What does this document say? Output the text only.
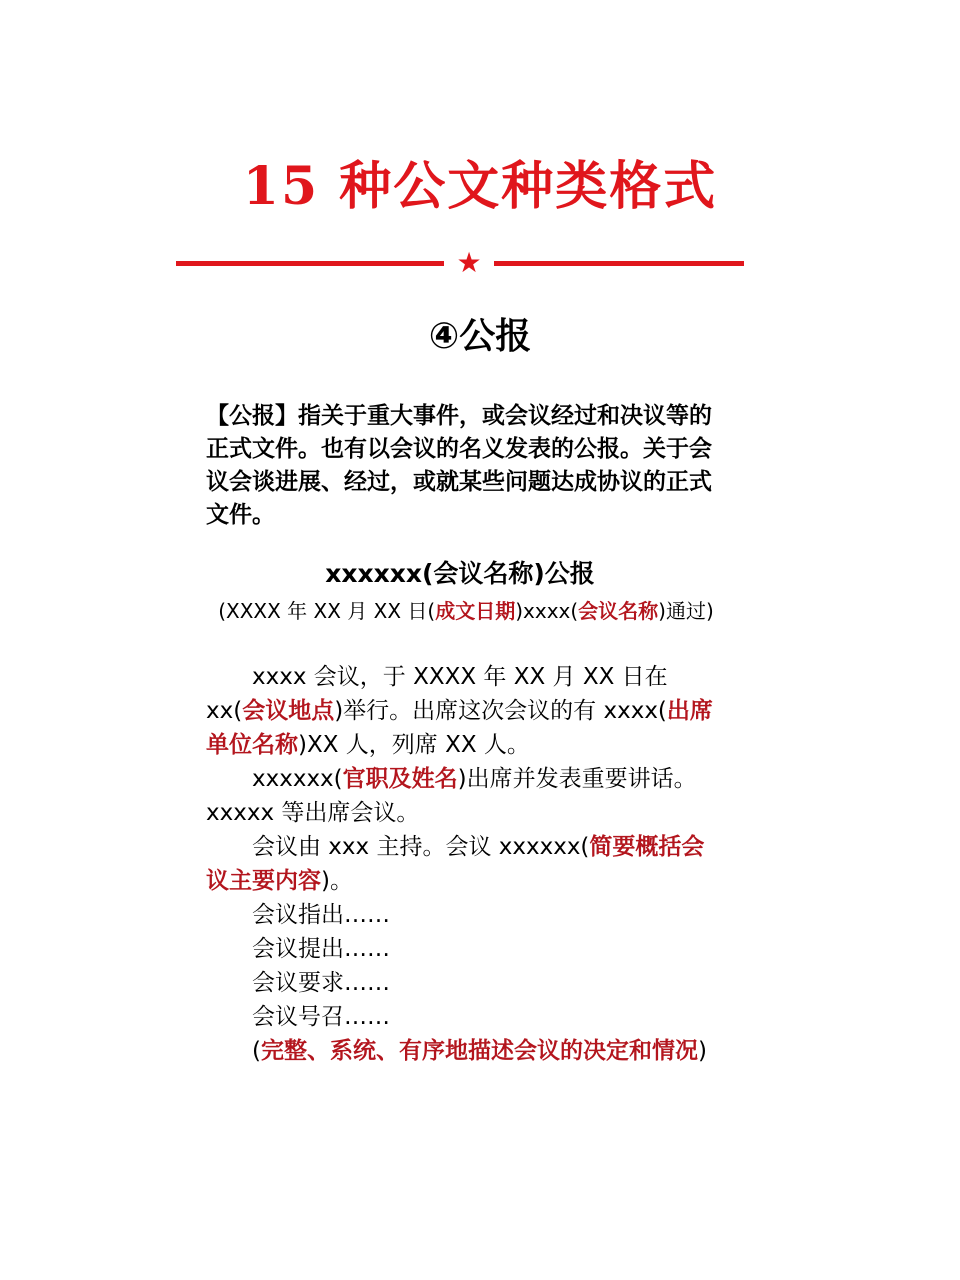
15 种公文种类格式
★
④公报
【公报】指关于重大事件，或会议经过和决议等的正式文件。也有以会议的名义发表的公报。关于会议会谈进展、经过，或就某些问题达成协议的正式文件。
xxxxxx(会议名称)公报
(XXXX 年 XX 月 XX 日(成文日期)xxxx(会议名称)通过)

xxxx 会议，于 XXXX 年 XX 月 XX 日在 xx(会议地点)举行。出席这次会议的有 xxxx(出席单位名称)XX 人，列席 XX 人。

xxxxxx(官职及姓名)出席并发表重要讲话。xxxxx 等出席会议。

会议由 xxx 主持。会议 xxxxxx(简要概括会议主要内容)。

会议指出……

会议提出……

会议要求……

会议号召……

(完整、系统、有序地描述会议的决定和情况)
